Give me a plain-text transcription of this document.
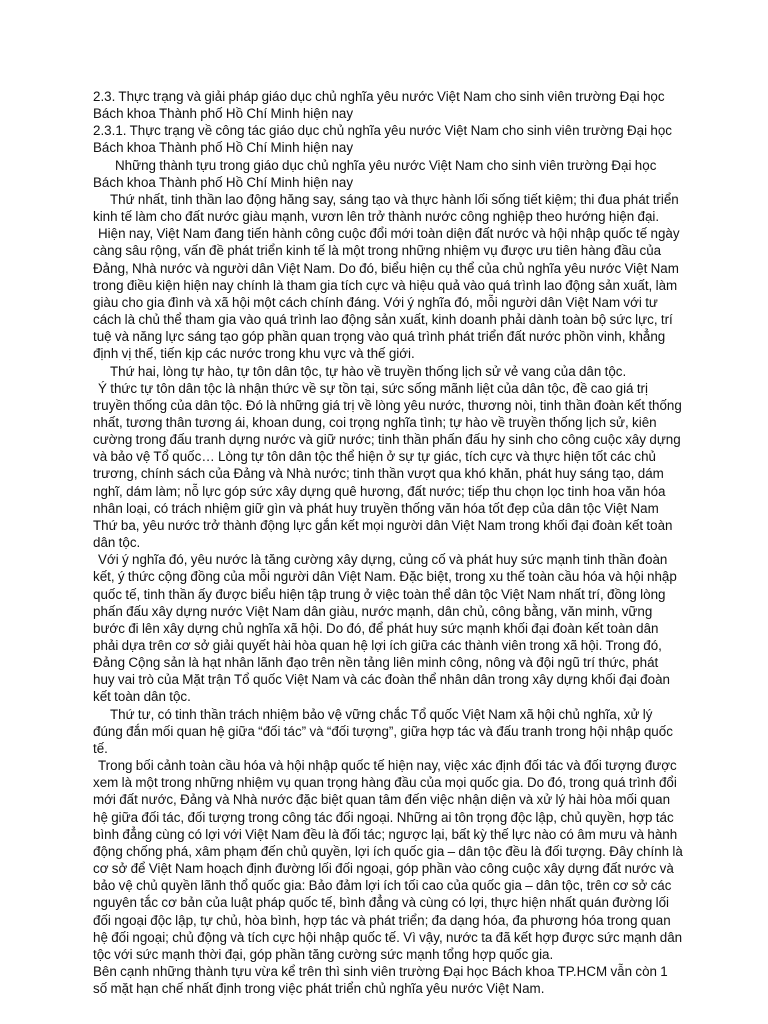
2.3. Thực trạng và giải pháp giáo dục chủ nghĩa yêu nước Việt Nam cho sinh viên trường Đại học Bách khoa Thành phố Hồ Chí Minh hiện nay

2.3.1. Thực trạng về công tác giáo dục chủ nghĩa yêu nước Việt Nam cho sinh viên trường Đại học Bách khoa Thành phố Hồ Chí Minh hiện nay

Những thành tựu trong giáo dục chủ nghĩa yêu nước Việt Nam cho sinh viên trường Đại học Bách khoa Thành phố Hồ Chí Minh hiện nay

Thứ nhất, tinh thần lao động hăng say, sáng tạo và thực hành lối sống tiết kiệm; thi đua phát triển kinh tế làm cho đất nước giàu mạnh, vươn lên trở thành nước công nghiệp theo hướng hiện đại.

Hiện nay, Việt Nam đang tiến hành công cuộc đổi mới toàn diện đất nước và hội nhập quốc tế ngày càng sâu rộng, vấn đề phát triển kinh tế là một trong những nhiệm vụ được ưu tiên hàng đầu của Đảng, Nhà nước và người dân Việt Nam. Do đó, biểu hiện cụ thể của chủ nghĩa yêu nước Việt Nam trong điều kiện hiện nay chính là tham gia tích cực và hiệu quả vào quá trình lao động sản xuất, làm giàu cho gia đình và xã hội một cách chính đáng. Với ý nghĩa đó, mỗi người dân Việt Nam với tư cách là chủ thể tham gia vào quá trình lao động sản xuất, kinh doanh phải dành toàn bộ sức lực, trí tuệ và năng lực sáng tạo góp phần quan trọng vào quá trình phát triển đất nước phồn vinh, khẳng định vị thế, tiến kịp các nước trong khu vực và thế giới.

Thứ hai, lòng tự hào, tự tôn dân tộc, tự hào về truyền thống lịch sử vẻ vang của dân tộc.

Ý thức tự tôn dân tộc là nhận thức về sự tồn tại, sức sống mãnh liệt của dân tộc, đề cao giá trị truyền thống của dân tộc. Đó là những giá trị về lòng yêu nước, thương nòi, tinh thần đoàn kết thống nhất, tương thân tương ái, khoan dung, coi trọng nghĩa tình; tự hào về truyền thống lịch sử, kiên cường trong đấu tranh dựng nước và giữ nước; tinh thần phấn đấu hy sinh cho công cuộc xây dựng và bảo vệ Tổ quốc… Lòng tự tôn dân tộc thể hiện ở sự tự giác, tích cực và thực hiện tốt các chủ trương, chính sách của Đảng và Nhà nước; tinh thần vượt qua khó khăn, phát huy sáng tạo, dám nghĩ, dám làm; nỗ lực góp sức xây dựng quê hương, đất nước; tiếp thu chọn lọc tinh hoa văn hóa nhân loại, có trách nhiệm giữ gìn và phát huy truyền thống văn hóa tốt đẹp của dân tộc Việt Nam Thứ ba, yêu nước trở thành động lực gắn kết mọi người dân Việt Nam trong khối đại đoàn kết toàn dân tộc.

Với ý nghĩa đó, yêu nước là tăng cường xây dựng, củng cố và phát huy sức mạnh tinh thần đoàn kết, ý thức cộng đồng của mỗi người dân Việt Nam. Đặc biệt, trong xu thế toàn cầu hóa và hội nhập quốc tế, tinh thần ấy được biểu hiện tập trung ở việc toàn thể dân tộc Việt Nam nhất trí, đồng lòng phấn đấu xây dựng nước Việt Nam dân giàu, nước mạnh, dân chủ, công bằng, văn minh, vững bước đi lên xây dựng chủ nghĩa xã hội. Do đó, để phát huy sức mạnh khối đại đoàn kết toàn dân phải dựa trên cơ sở giải quyết hài hòa quan hệ lợi ích giữa các thành viên trong xã hội. Trong đó, Đảng Cộng sản là hạt nhân lãnh đạo trên nền tảng liên minh công, nông và đội ngũ trí thức, phát huy vai trò của Mặt trận Tổ quốc Việt Nam và các đoàn thể nhân dân trong xây dựng khối đại đoàn kết toàn dân tộc.

Thứ tư, có tinh thần trách nhiệm bảo vệ vững chắc Tổ quốc Việt Nam xã hội chủ nghĩa, xử lý đúng đắn mối quan hệ giữa “đối tác” và “đối tượng”, giữa hợp tác và đấu tranh trong hội nhập quốc tế.

Trong bối cảnh toàn cầu hóa và hội nhập quốc tế hiện nay, việc xác định đối tác và đối tượng được xem là một trong những nhiệm vụ quan trọng hàng đầu của mọi quốc gia. Do đó, trong quá trình đổi mới đất nước, Đảng và Nhà nước đặc biệt quan tâm đến việc nhận diện và xử lý hài hòa mối quan hệ giữa đối tác, đối tượng trong công tác đối ngoại. Những ai tôn trọng độc lập, chủ quyền, hợp tác bình đẳng cùng có lợi với Việt Nam đều là đối tác; ngược lại, bất kỳ thế lực nào có âm mưu và hành động chống phá, xâm phạm đến chủ quyền, lợi ích quốc gia – dân tộc đều là đối tượng. Đây chính là cơ sở để Việt Nam hoạch định đường lối đối ngoại, góp phần vào công cuộc xây dựng đất nước và bảo vệ chủ quyền lãnh thổ quốc gia: Bảo đảm lợi ích tối cao của quốc gia – dân tộc, trên cơ sở các nguyên tắc cơ bản của luật pháp quốc tế, bình đẳng và cùng có lợi, thực hiện nhất quán đường lối đối ngoại độc lập, tự chủ, hòa bình, hợp tác và phát triển; đa dạng hóa, đa phương hóa trong quan hệ đối ngoại; chủ động và tích cực hội nhập quốc tế. Vì vậy, nước ta đã kết hợp được sức mạnh dân tộc với sức mạnh thời đại, góp phần tăng cường sức mạnh tổng hợp quốc gia.

Bên cạnh những thành tựu vừa kể trên thì sinh viên trường Đại học Bách khoa TP.HCM vẫn còn 1 số mặt hạn chế nhất định trong việc phát triển chủ nghĩa yêu nước Việt Nam.
